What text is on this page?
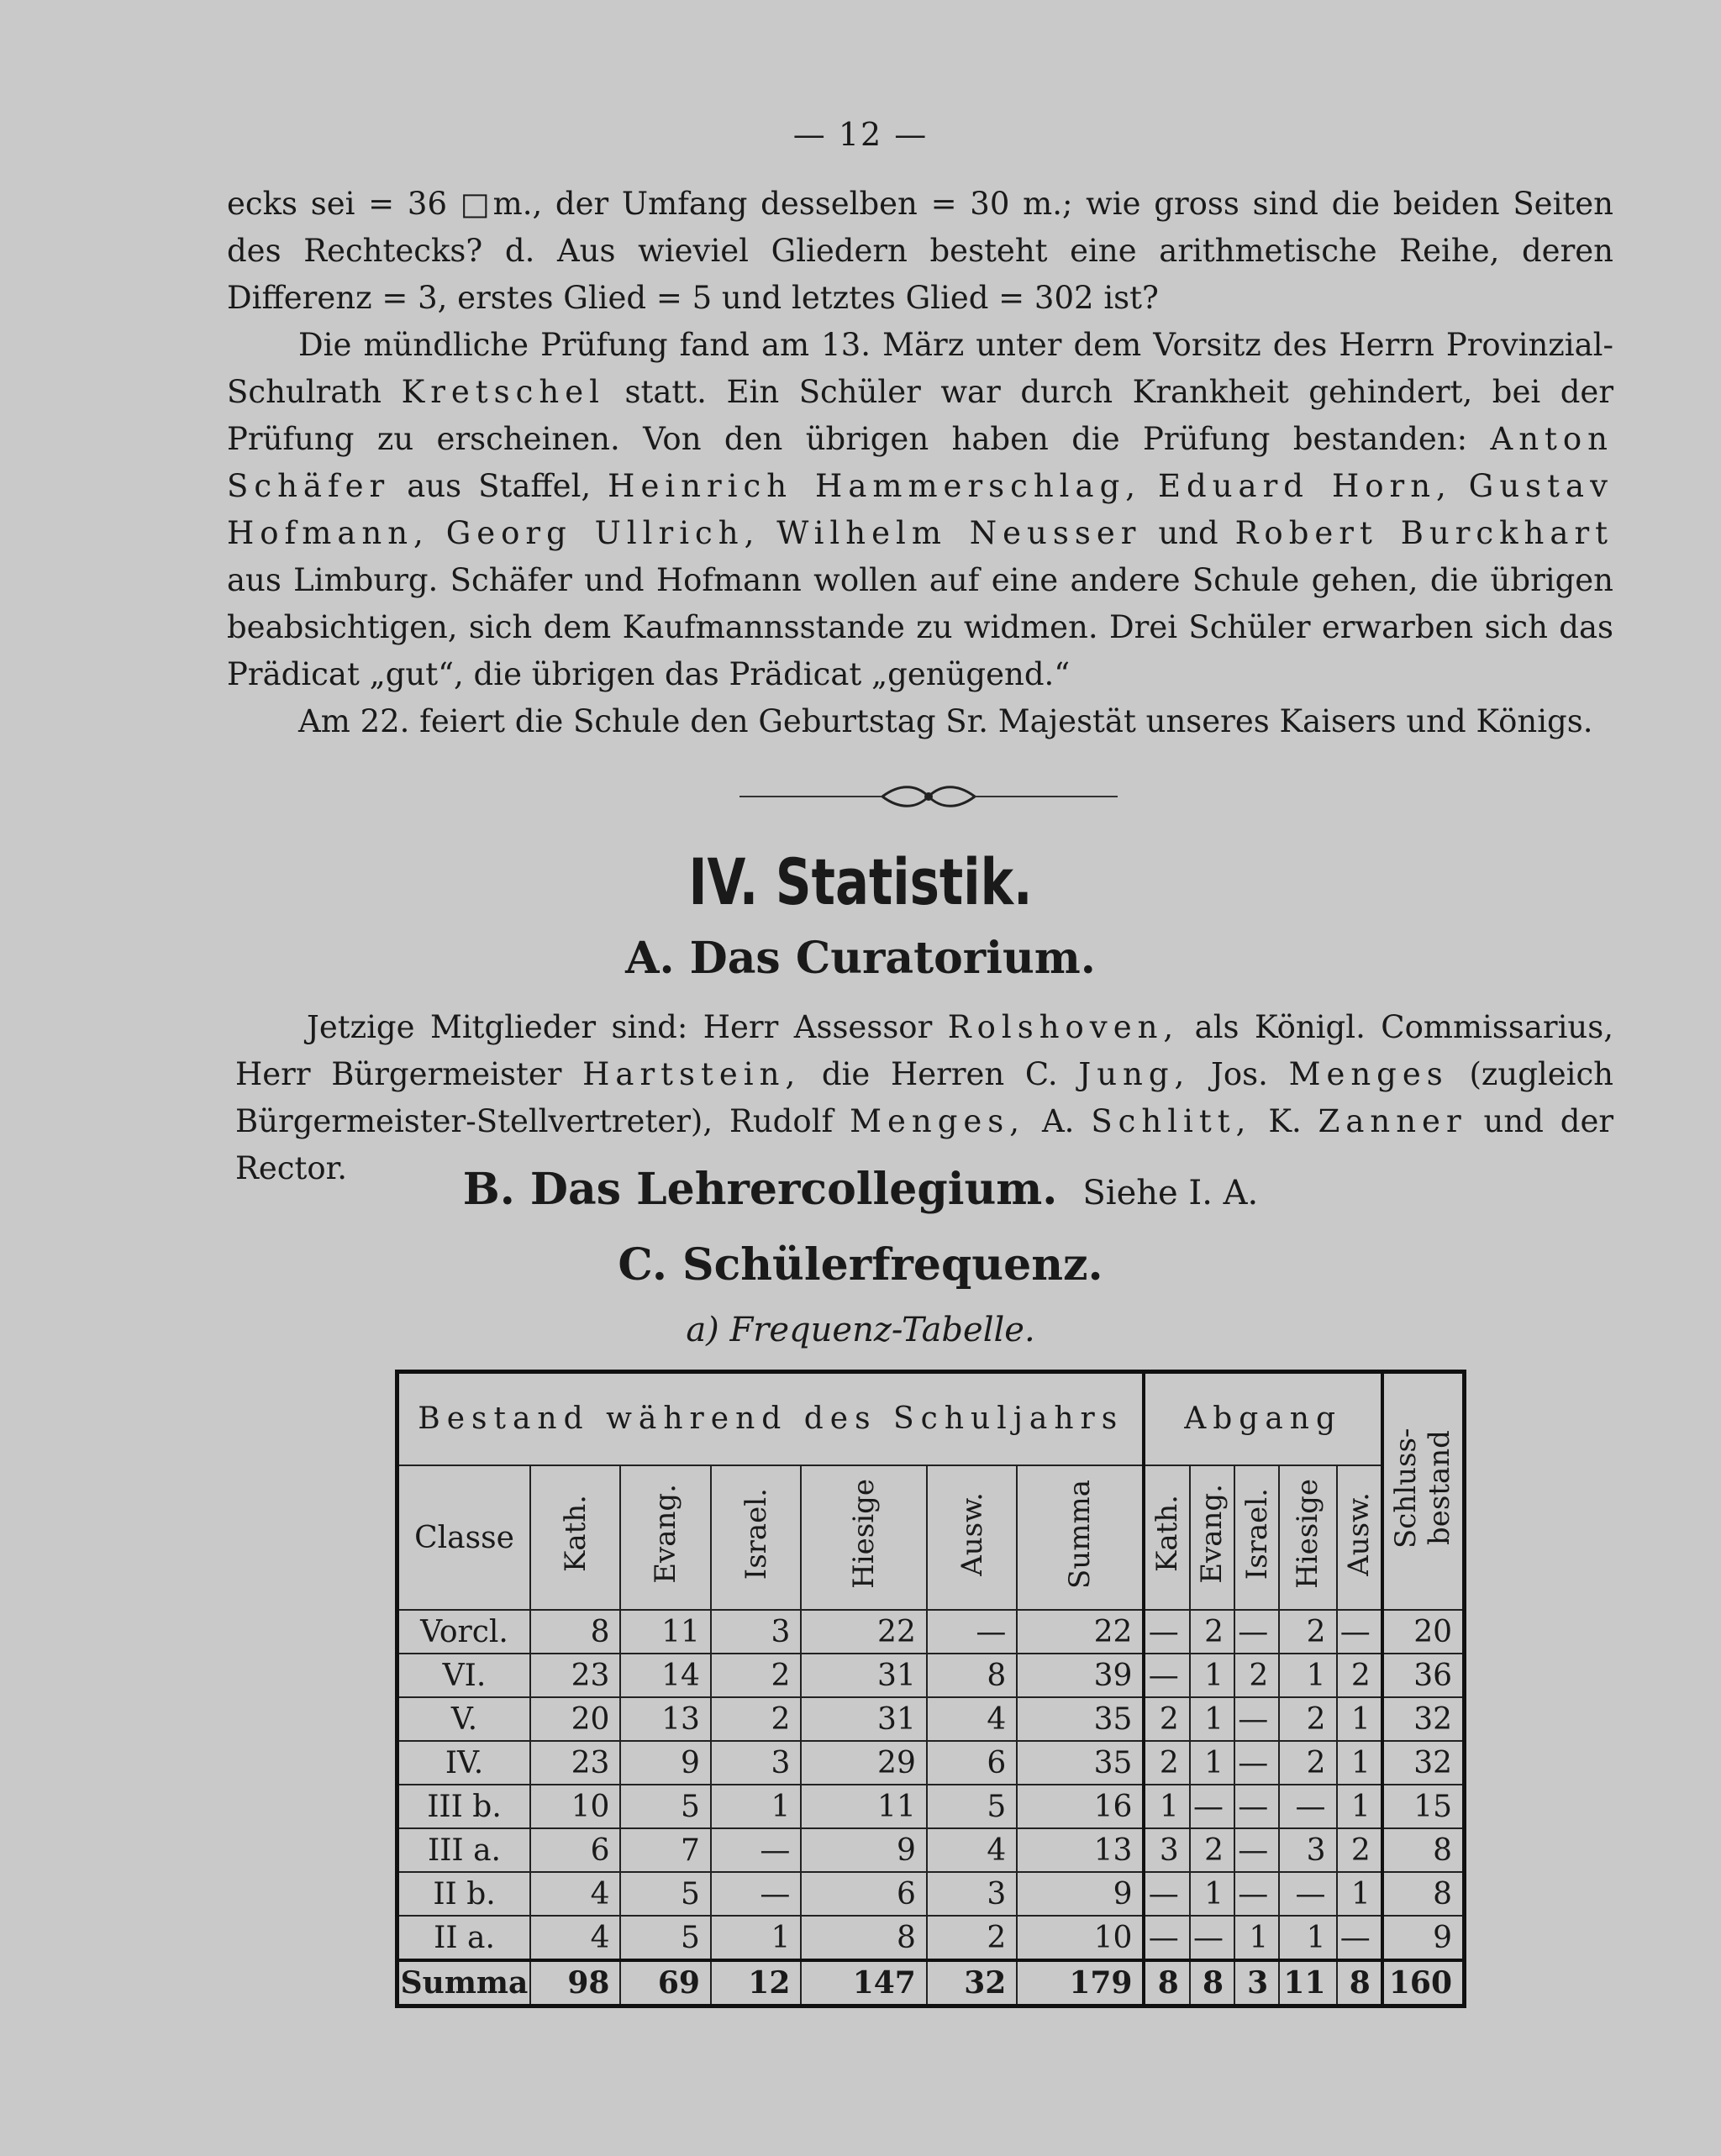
— 12 —

ecks sei = 36 □m., der Umfang desselben = 30 m.; wie gross sind die beiden Seiten des Rechtecks? d. Aus wieviel Gliedern besteht eine arithmetische Reihe, deren Differenz = 3, erstes Glied = 5 und letztes Glied = 302 ist?

Die mündliche Prüfung fand am 13. März unter dem Vorsitz des Herrn Provinzial-Schulrath Kretschel statt. Ein Schüler war durch Krankheit gehindert, bei der Prüfung zu erscheinen. Von den übrigen haben die Prüfung bestanden: Anton Schäfer aus Staffel, Heinrich Hammerschlag, Eduard Horn, Gustav Hofmann, Georg Ullrich, Wilhelm Neusser und Robert Burckhart aus Limburg. Schäfer und Hofmann wollen auf eine andere Schule gehen, die übrigen beabsichtigen, sich dem Kaufmannsstande zu widmen. Drei Schüler erwarben sich das Prädicat „gut“, die übrigen das Prädicat „genügend.“

Am 22. feiert die Schule den Geburtstag Sr. Majestät unseres Kaisers und Königs.

IV. Statistik.
A. Das Curatorium.

Jetzige Mitglieder sind: Herr Assessor Rolshoven, als Königl. Commissarius, Herr Bürgermeister Hartstein, die Herren C. Jung, Jos. Menges (zugleich Bürgermeister-Stellvertreter), Rudolf Menges, A. Schlitt, K. Zanner und der Rector.	B. Das Lehrercollegium. Siehe I. A.
C. Schülerfrequenz.
a) Frequenz-Tabelle.
Bestand während des Schuljahrs							Abgang					Schluss-bestand
Classe	Kath.	Evang.	Israel.	Hiesige	Ausw.	Summa	Kath.	Evang.	Israel.	Hiesige	Ausw.	
Vorcl.	8	11	3	22	—	22	—	2	—	2	—	20
VI.	23	14	2	31	8	39	—	1	2	1	2	36
V.	20	13	2	31	4	35	2	1	—	2	1	32
IV.	23	9	3	29	6	35	2	1	—	2	1	32
III b.	10	5	1	11	5	16	1	—	—	—	1	15
III a.	6	7	—	9	4	13	3	2	—	3	2	8
II b.	4	5	—	6	3	9	—	1	—	—	1	8
II a.	4	5	1	8	2	10	—	—	1	1	—	9
Summa	98	69	12	147	32	179	8	8	3	11	8	160
